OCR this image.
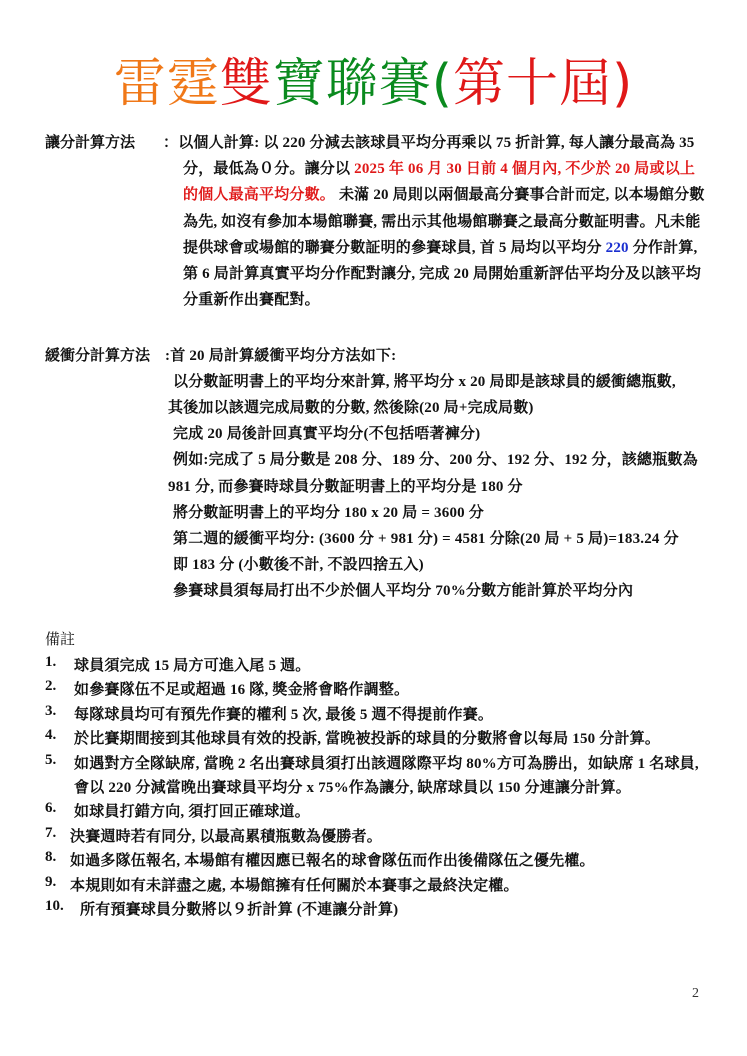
雷霆雙寶聯賽(第十屆)
讓分計算方法 ：以個人計算: 以 220 分減去該球員平均分再乘以 75 折計算, 每人讓分最高為 35
分，最低為０分。讓分以 2025 年 06 月 30 日前 4 個月內, 不少於 20 局或以上
的個人最高平均分數。 未滿 20 局則以兩個最高分賽事合計而定, 以本場館分數
為先, 如沒有參加本場館聯賽, 需出示其他場館聯賽之最高分數証明書。凡未能
提供球會或場館的聯賽分數証明的參賽球員, 首 5 局均以平均分 220 分作計算,
第 6 局計算真實平均分作配對讓分, 完成 20 局開始重新評估平均分及以該平均
分重新作出賽配對。
緩衝分計算方法 :首 20 局計算緩衝平均分方法如下:
以分數証明書上的平均分來計算, 將平均分 x 20 局即是該球員的緩衝總瓶數,
其後加以該週完成局數的分數, 然後除(20 局+完成局數)
完成 20 局後計回真實平均分(不包括唔著褲分)
例如:完成了 5 局分數是 208 分、189 分、200 分、192 分、192 分，該總瓶數為
981 分, 而參賽時球員分數証明書上的平均分是 180 分
將分數証明書上的平均分 180 x 20 局 = 3600 分
第二週的緩衝平均分: (3600 分 + 981 分) = 4581 分除(20 局 + 5 局)=183.24 分
即 183 分 (小數後不計, 不設四捨五入)
參賽球員須每局打出不少於個人平均分 70%分數方能計算於平均分內
備註
1. 球員須完成 15 局方可進入尾 5 週。
2. 如參賽隊伍不足或超過 16 隊, 獎金將會略作調整。
3. 每隊球員均可有預先作賽的權利 5 次, 最後 5 週不得提前作賽。
4. 於比賽期間接到其他球員有效的投訴, 當晚被投訴的球員的分數將會以每局 150 分計算。
5. 如遇對方全隊缺席, 當晚 2 名出賽球員須打出該週隊際平均 80%方可為勝出，如缺席 1 名球員,
會以 220 分減當晚出賽球員平均分 x 75%作為讓分, 缺席球員以 150 分連讓分計算。
6. 如球員打錯方向, 須打回正確球道。
7. 決賽週時若有同分, 以最高累積瓶數為優勝者。
8. 如過多隊伍報名, 本場館有權因應已報名的球會隊伍而作出後備隊伍之優先權。
9. 本規則如有未詳盡之處, 本場館擁有任何關於本賽事之最終決定權。
10. 所有預賽球員分數將以９折計算 (不連讓分計算)
2
